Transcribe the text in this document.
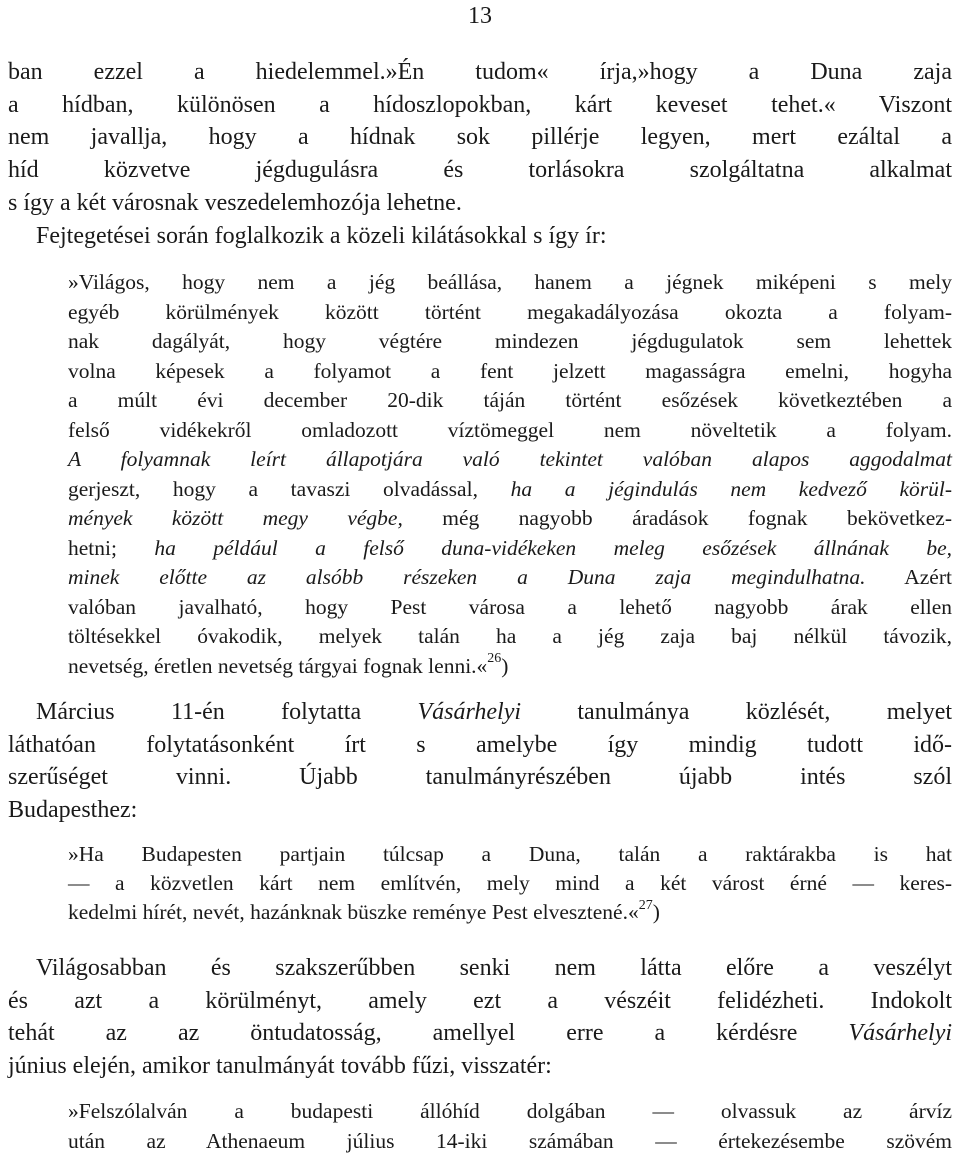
13
ban ezzel a hiedelemmel.»Én tudom« írja,»hogy a Duna zaja
a hídban, különösen a hídoszlopokban, kárt keveset tehet.« Viszont
nem javallja, hogy a hídnak sok pillérje legyen, mert ezáltal a
híd közvetve jégdugulásra és torlásokra szolgáltatna alkalmat
s így a két városnak veszedelemhozója lehetne.
Fejtegetései során foglalkozik a közeli kilátásokkal s így ír:
»Világos, hogy nem a jég beállása, hanem a jégnek miképeni s mely
egyéb körülmények között történt megakadályozása okozta a folyam-
nak dagályát, hogy végtére mindezen jégdugulatok sem lehettek
volna képesek a folyamot a fent jelzett magasságra emelni, hogyha
a múlt évi december 20-dik táján történt esőzések következtében a
felső vidékekről omladozott víztömeggel nem növeltetik a folyam.
A folyamnak leírt állapotjára való tekintet valóban alapos aggodalmat
gerjeszt, hogy a tavaszi olvadással, ha a jégindulás nem kedvező körül-
mények között megy végbe, még nagyobb áradások fognak bekövetkez-
hetni; ha például a felső duna-vidékeken meleg esőzések állnának be,
minek előtte az alsóbb részeken a Duna zaja megindulhatna. Azért
valóban javalható, hogy Pest városa a lehető nagyobb árak ellen
töltésekkel óvakodik, melyek talán ha a jég zaja baj nélkül távozik,
nevetség, éretlen nevetség tárgyai fognak lenni.«$^{26}$)
Március 11-én folytatta Vásárhelyi tanulmánya közlését, melyet
láthatóan folytatásonként írt s amelybe így mindig tudott idő-
szerűséget vinni. Újabb tanulmányrészében újabb intés szól
Budapesthez:
»Ha Budapesten partjain túlcsap a Duna, talán a raktárakba is hat
— a közvetlen kárt nem említvén, mely mind a két várost érné — keres-
kedelmi hírét, nevét, hazánknak büszke reménye Pest elvesztené.«$^{27}$)
Világosabban és szakszerűbben senki nem látta előre a veszélyt
és azt a körülményt, amely ezt a vészéit felidézheti. Indokolt
tehát az az öntudatosság, amellyel erre a kérdésre Vásárhelyi
június elején, amikor tanulmányát tovább fűzi, visszatér:
»Felszólalván a budapesti állóhíd dolgában — olvassuk az árvíz
után az Athenaeum július 14-iki számában — értekezésembe szövém
